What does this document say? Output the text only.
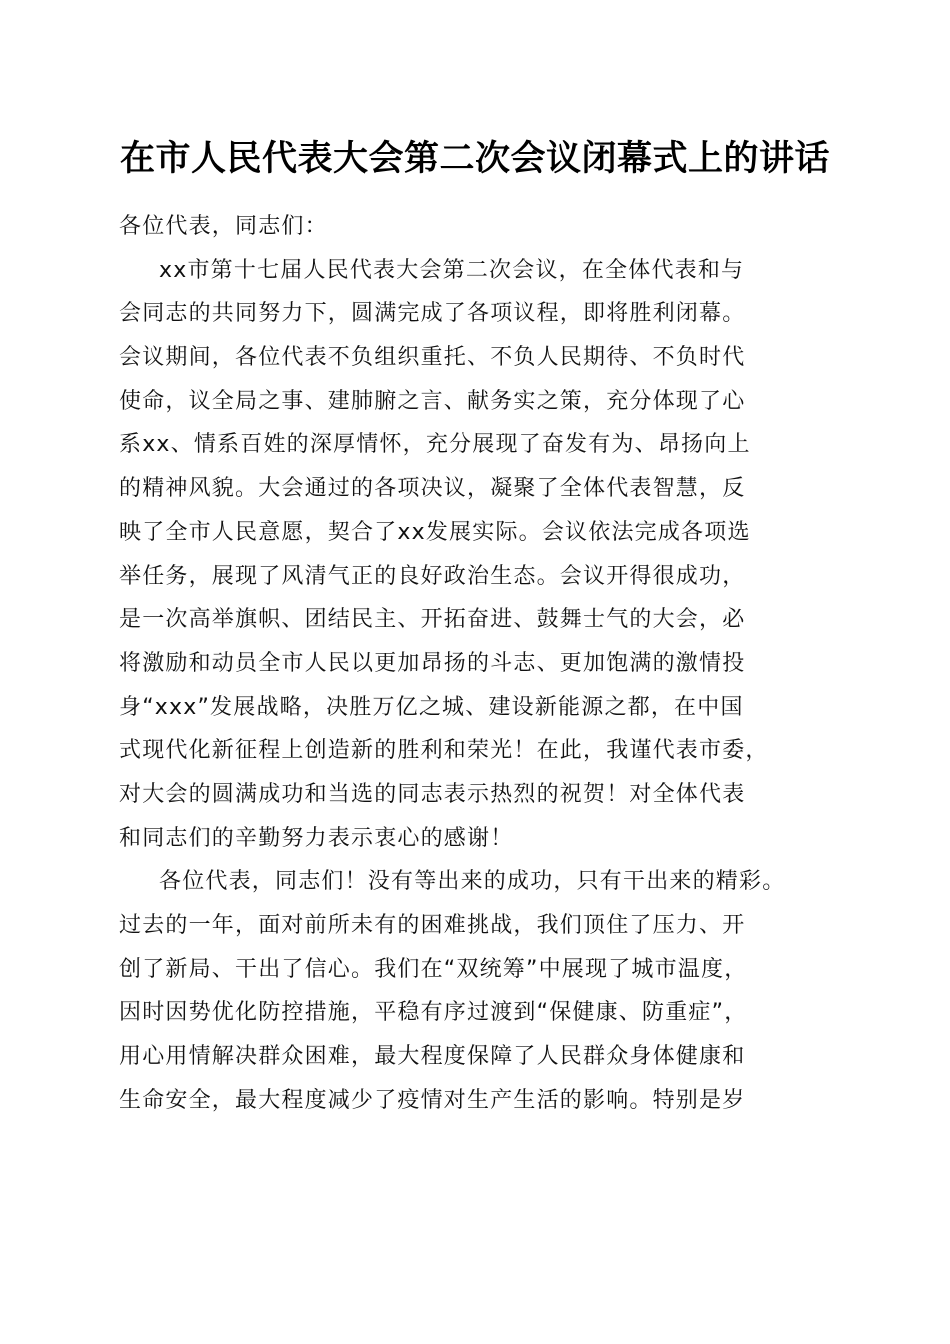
在市人民代表大会第二次会议闭幕式上的讲话
各位代表，同志们：
xx市第十七届人民代表大会第二次会议，在全体代表和与
会同志的共同努力下，圆满完成了各项议程，即将胜利闭幕。
会议期间，各位代表不负组织重托、不负人民期待、不负时代
使命，议全局之事、建肺腑之言、献务实之策，充分体现了心
系xx、情系百姓的深厚情怀，充分展现了奋发有为、昂扬向上
的精神风貌。大会通过的各项决议，凝聚了全体代表智慧，反
映了全市人民意愿，契合了xx发展实际。会议依法完成各项选
举任务，展现了风清气正的良好政治生态。会议开得很成功，
是一次高举旗帜、团结民主、开拓奋进、鼓舞士气的大会，必
将激励和动员全市人民以更加昂扬的斗志、更加饱满的激情投
身“xxx”发展战略，决胜万亿之城、建设新能源之都，在中国
式现代化新征程上创造新的胜利和荣光！在此，我谨代表市委，
对大会的圆满成功和当选的同志表示热烈的祝贺！对全体代表
和同志们的辛勤努力表示衷心的感谢！
各位代表，同志们！没有等出来的成功，只有干出来的精彩。
过去的一年，面对前所未有的困难挑战，我们顶住了压力、开
创了新局、干出了信心。我们在“双统筹”中展现了城市温度，
因时因势优化防控措施，平稳有序过渡到“保健康、防重症”，
用心用情解决群众困难，最大程度保障了人民群众身体健康和
生命安全，最大程度减少了疫情对生产生活的影响。特别是岁
